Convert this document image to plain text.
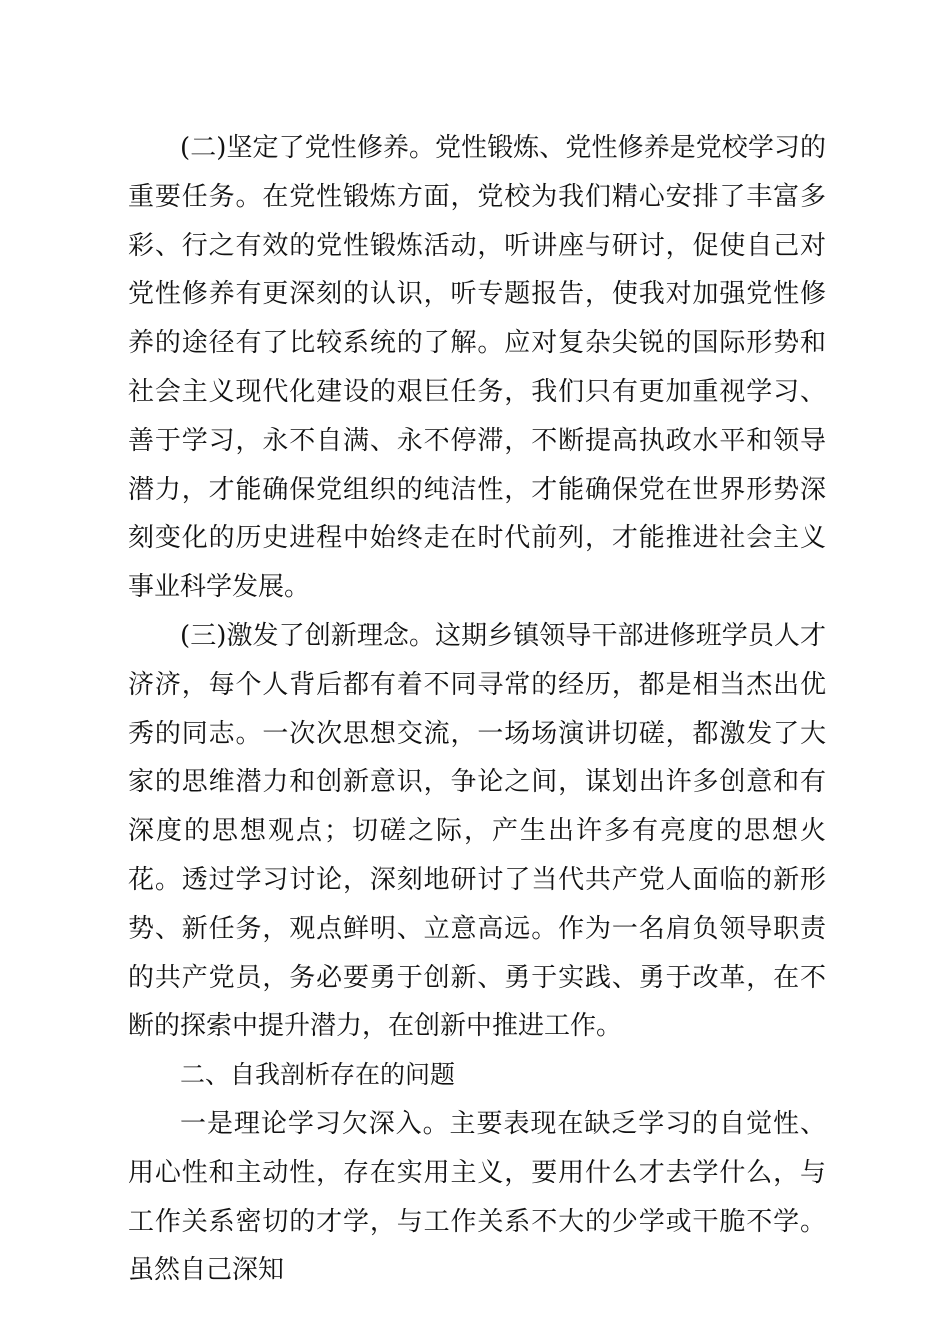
(二)坚定了党性修养。党性锻炼、党性修养是党校学习的重要任务。在党性锻炼方面，党校为我们精心安排了丰富多彩、行之有效的党性锻炼活动，听讲座与研讨，促使自己对党性修养有更深刻的认识，听专题报告，使我对加强党性修养的途径有了比较系统的了解。应对复杂尖锐的国际形势和社会主义现代化建设的艰巨任务，我们只有更加重视学习、善于学习，永不自满、永不停滞，不断提高执政水平和领导潜力，才能确保党组织的纯洁性，才能确保党在世界形势深刻变化的历史进程中始终走在时代前列，才能推进社会主义事业科学发展。

(三)激发了创新理念。这期乡镇领导干部进修班学员人才济济，每个人背后都有着不同寻常的经历，都是相当杰出优秀的同志。一次次思想交流，一场场演讲切磋，都激发了大家的思维潜力和创新意识，争论之间，谋划出许多创意和有深度的思想观点；切磋之际，产生出许多有亮度的思想火花。透过学习讨论，深刻地研讨了当代共产党人面临的新形势、新任务，观点鲜明、立意高远。作为一名肩负领导职责的共产党员，务必要勇于创新、勇于实践、勇于改革，在不断的探索中提升潜力，在创新中推进工作。

二、自我剖析存在的问题

一是理论学习欠深入。主要表现在缺乏学习的自觉性、用心性和主动性，存在实用主义，要用什么才去学什么，与工作关系密切的才学，与工作关系不大的少学或干脆不学。虽然自己深知
